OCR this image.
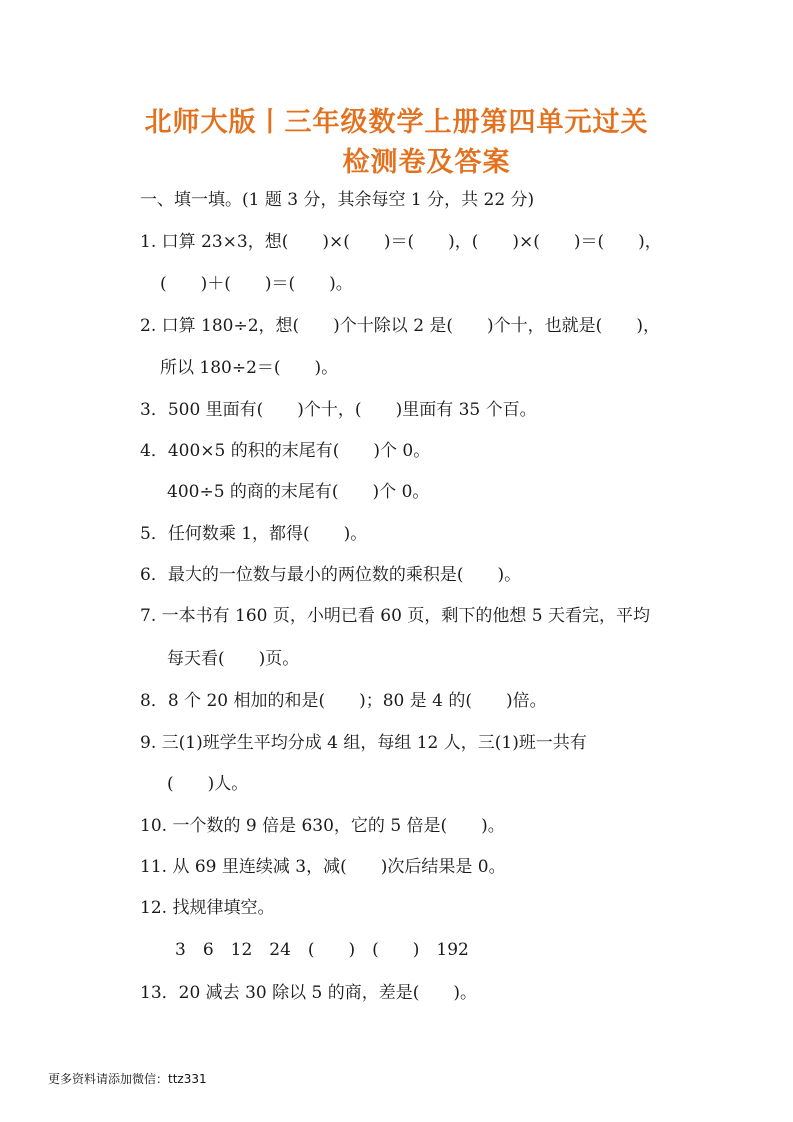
北师大版丨三年级数学上册第四单元过关
检测卷及答案
一、填一填。(1 题 3 分，其余每空 1 分，共 22 分)
1. 口算 23×3，想(　　)×(　　)＝(　　)，(　　)×(　　)＝(　　)，
(　　)＋(　　)＝(　　)。
2. 口算 180÷2，想(　　)个十除以 2 是(　　)个十，也就是(　　)，
所以 180÷2＝(　　)。
3．500 里面有(　　)个十，(　　)里面有 35 个百。
4．400×5 的积的末尾有(　　)个 0。
400÷5 的商的末尾有(　　)个 0。
5．任何数乘 1，都得(　　)。
6．最大的一位数与最小的两位数的乘积是(　　)。
7. 一本书有 160 页，小明已看 60 页，剩下的他想 5 天看完，平均
每天看(　　)页。
8．8 个 20 相加的和是(　　)；80 是 4 的(　　)倍。
9. 三(1)班学生平均分成 4 组，每组 12 人，三(1)班一共有
(　　)人。
10. 一个数的 9 倍是 630，它的 5 倍是(　　)。
11. 从 69 里连续减 3，减(　　)次后结果是 0。
12. 找规律填空。
3　6　12　24　(　　)　(　　)　192
13．20 减去 30 除以 5 的商，差是(　　)。
更多资料请添加微信：ttz331
